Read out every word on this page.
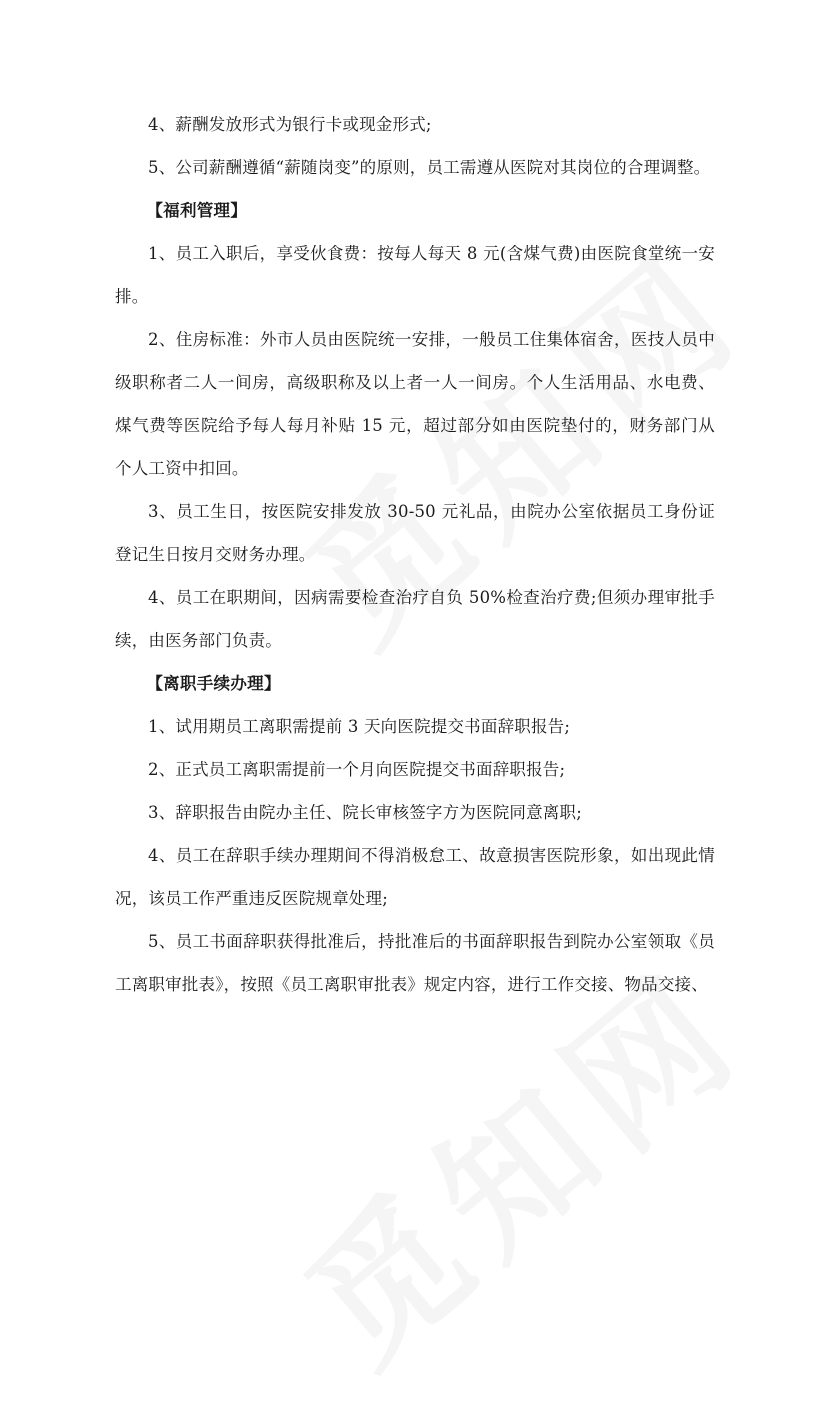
4、薪酬发放形式为银行卡或现金形式;

5、公司薪酬遵循“薪随岗变”的原则，员工需遵从医院对其岗位的合理调整。

【福利管理】

1、员工入职后，享受伙食费：按每人每天 8 元(含煤气费)由医院食堂统一安排。

2、住房标准：外市人员由医院统一安排，一般员工住集体宿舍，医技人员中级职称者二人一间房，高级职称及以上者一人一间房。个人生活用品、水电费、煤气费等医院给予每人每月补贴 15 元，超过部分如由医院垫付的，财务部门从个人工资中扣回。

3、员工生日，按医院安排发放 30-50 元礼品，由院办公室依据员工身份证登记生日按月交财务办理。

4、员工在职期间，因病需要检查治疗自负 50%检查治疗费;但须办理审批手续，由医务部门负责。

【离职手续办理】

1、试用期员工离职需提前 3 天向医院提交书面辞职报告;

2、正式员工离职需提前一个月向医院提交书面辞职报告;

3、辞职报告由院办主任、院长审核签字方为医院同意离职;

4、员工在辞职手续办理期间不得消极怠工、故意损害医院形象，如出现此情况，该员工作严重违反医院规章处理;

5、员工书面辞职获得批准后，持批准后的书面辞职报告到院办公室领取《员工离职审批表》，按照《员工离职审批表》规定内容，进行工作交接、物品交接、
